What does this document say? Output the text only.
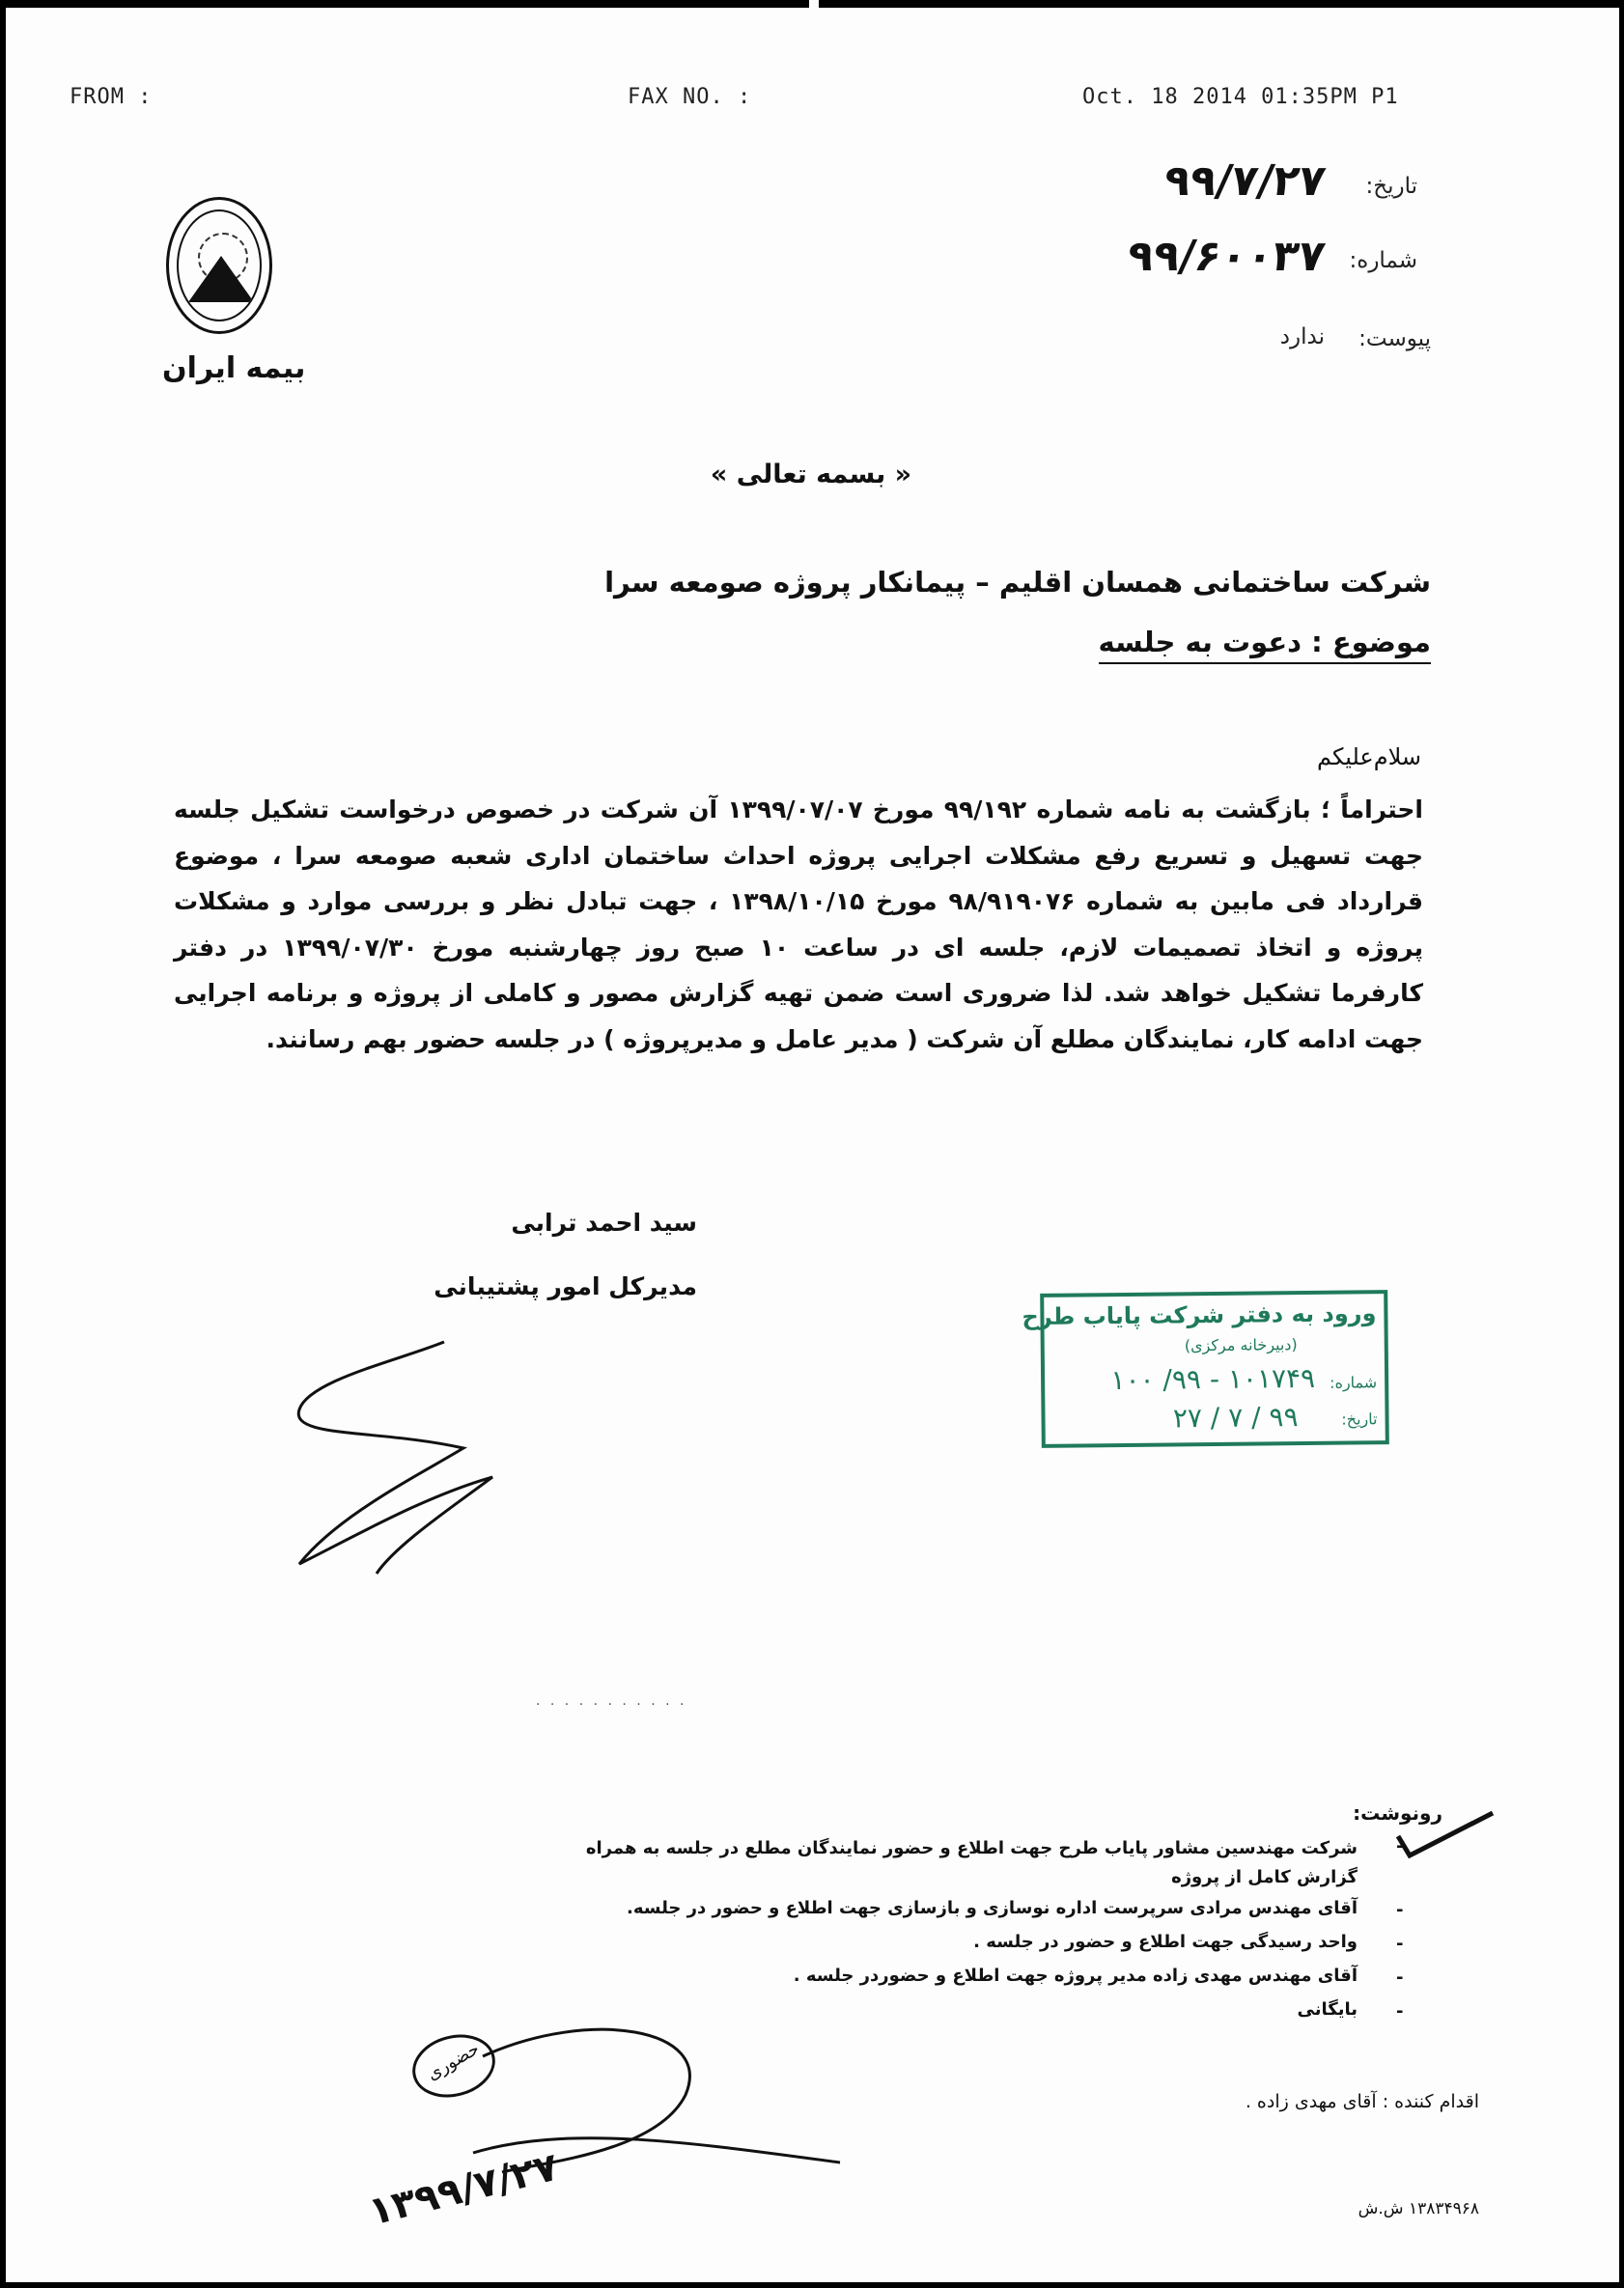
FROM :	FAX NO. :	Oct. 18 2014 01:35PM P1
بیمه ایران
تاریخ:
۹۹/۷/۲۷
شماره:
۹۹/۶۰۰۳۷
پیوست:
ندارد
« بسمه تعالی »
شرکت ساختمانی همسان اقلیم – پیمانکار پروژه صومعه سرا
موضوع : دعوت به جلسه
سلام‌علیکم
احتراماً ؛ بازگشت به نامه شماره ۹۹/۱۹۲ مورخ ۱۳۹۹/۰۷/۰۷ آن شرکت در خصوص درخواست تشکیل جلسه جهت تسهیل و تسریع رفع مشکلات اجرایی پروژه احداث ساختمان اداری شعبه صومعه سرا ، موضوع قرارداد فی مابین به شماره ۹۸/۹۱۹۰۷۶ مورخ ۱۳۹۸/۱۰/۱۵ ، جهت تبادل نظر و بررسی موارد و مشکلات پروژه و اتخاذ تصمیمات لازم، جلسه ای در ساعت ۱۰ صبح روز چهارشنبه مورخ ۱۳۹۹/۰۷/۳۰ در دفتر کارفرما تشکیل خواهد شد. لذا ضروری است ضمن تهیه گزارش مصور و کاملی از پروژه و برنامه اجرایی جهت ادامه کار، نمایندگان مطلع آن شرکت ( مدیر عامل و مدیرپروژه ) در جلسه حضور بهم رسانند.
سید احمد ترابی
مدیرکل امور پشتیبانی
ورود به دفتر شرکت پایاب طرح
(دبیرخانه مرکزی)
شماره:
۱۰۱۷۴۹ - ۹۹/ ۱۰۰
تاریخ:
۹۹ / ۷ / ۲۷
· · · · · · · · · · ·
رونوشت:
-
شرکت مهندسین مشاور پایاب طرح جهت اطلاع و حضور نمایندگان مطلع در جلسه به همراه گزارش کامل از پروژه
-
آقای مهندس مرادی سرپرست اداره نوسازی و بازسازی جهت اطلاع و حضور در جلسه.
-
واحد رسیدگی جهت اطلاع و حضور در جلسه .
-
آقای مهندس مهدی زاده مدیر پروژه جهت اطلاع و حضوردر جلسه .
-
بایگانی
اقدام کننده : آقای مهدی زاده .
حضوری
۱۳۹۹/۷/۲۷	۱۳۸۳۴۹۶۸ ش.ش
